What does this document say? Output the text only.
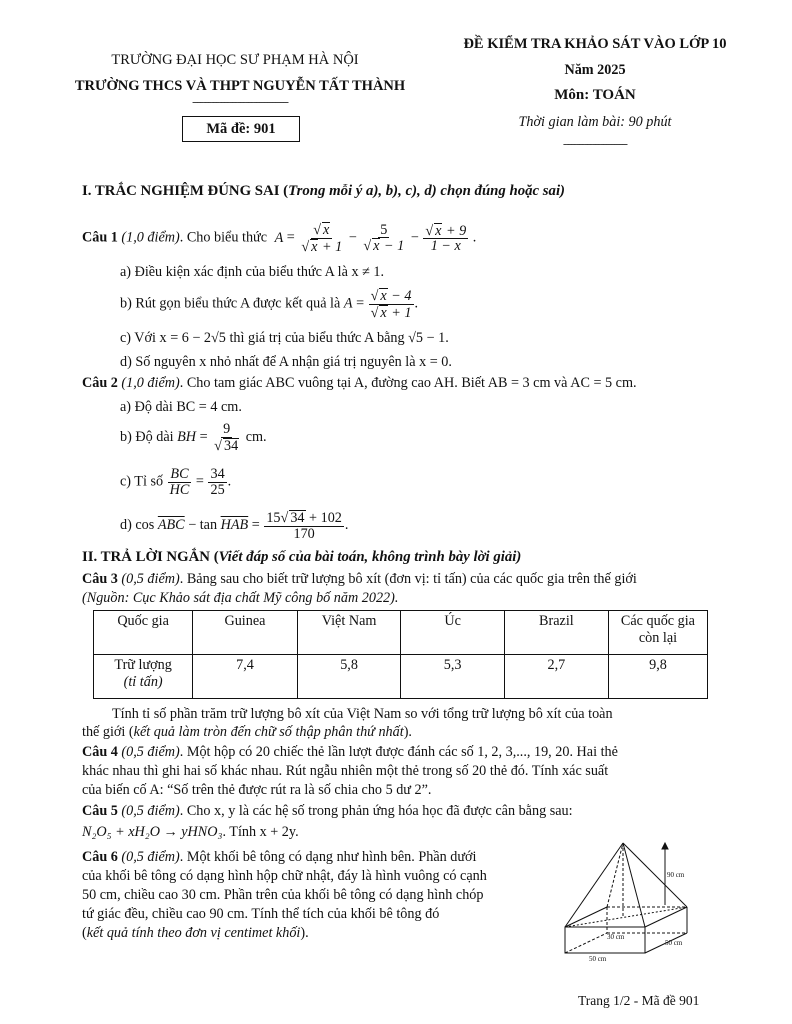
TRƯỜNG ĐẠI HỌC SƯ PHẠM HÀ NỘI
TRƯỜNG THCS VÀ THPT NGUYỄN TẤT THÀNH
------------------------------------
Mã đề: 901
ĐỀ KIỂM TRA KHẢO SÁT VÀO LỚP 10
Năm 2025
Môn: TOÁN
Thời gian làm bài: 90 phút
------------------------
I. TRẮC NGHIỆM ĐÚNG SAI (Trong mỗi ý a), b), c), d) chọn đúng hoặc sai)
Câu 1 (1,0 điểm). Cho biểu thức A = √ x
√ x + 1 − 5
√ x − 1 − √ $\frac{x + 9}{1 - x}$ .
a) Điều kiện xác định của biểu thức A là x ≠ 1.
b) Rút gọn biểu thức A được kết quả là A = √ x − 4
√ x + 1 .
c) Với x = 6 − 2√5 thì giá trị của biểu thức A bằng √5 − 1.
d) Số nguyên x nhỏ nhất để A nhận giá trị nguyên là x = 0.
Câu 2 (1,0 điểm). Cho tam giác ABC vuông tại A, đường cao AH. Biết AB = 3 cm và AC = 5 cm.
a) Độ dài BC = 4 cm.
b) Độ dài BH = 9
√ 34 cm.
c) Tỉ số $\frac{BC}{HC} = \frac{34}{25}$ .
d) $\cos \overline{ABC} - \tan \overline{HAB} = \frac{15 √ 34 + 102}{170}$ .
II. TRẢ LỜI NGẮN (Viết đáp số của bài toán, không trình bày lời giải)
Câu 3 (0,5 điểm). Bảng sau cho biết trữ lượng bô xít (đơn vị: tỉ tấn) của các quốc gia trên thế giới
(Nguồn: Cục Khảo sát địa chất Mỹ công bố năm 2022).
Quốc gia	Guinea	Việt Nam	Úc	Brazil	Các quốc gia còn lại
Trữ lượng
(tỉ tấn)	7,4	5,8	5,3	2,7	9,8
Tính tỉ số phần trăm trữ lượng bô xít của Việt Nam so với tổng trữ lượng bô xít của toàn
thế giới (kết quả làm tròn đến chữ số thập phân thứ nhất).
Câu 4 (0,5 điểm). Một hộp có 20 chiếc thẻ lần lượt được đánh các số 1, 2, 3,..., 19, 20. Hai thẻ
khác nhau thì ghi hai số khác nhau. Rút ngẫu nhiên một thẻ trong số 20 thẻ đó. Tính xác suất
của biến cố A: “Số trên thẻ được rút ra là số chia cho 5 dư 2”.
Câu 5 (0,5 điểm). Cho x, y là các hệ số trong phản ứng hóa học đã được cân bằng sau:
N₂O₅ + xH₂O → yHNO₃. Tính x + 2y.
Câu 6 (0,5 điểm). Một khối bê tông có dạng như hình bên. Phần dưới
của khối bê tông có dạng hình hộp chữ nhật, đáy là hình vuông có cạnh
50 cm, chiều cao 30 cm. Phần trên của khối bê tông có dạng hình chóp
tứ giác đều, chiều cao 90 cm. Tính thể tích của khối bê tông đó
(kết quả tính theo đơn vị centimet khối).
90 cm
30 cm
50 cm
50 cm
Trang 1/2 - Mã đề 901
